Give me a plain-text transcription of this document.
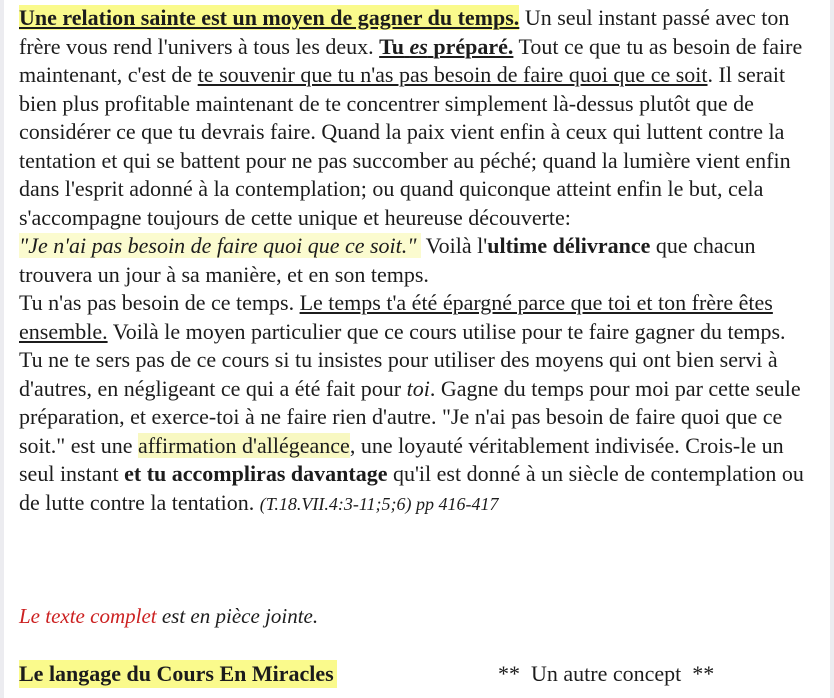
Une relation sainte est un moyen de gagner du temps. Un seul instant passé avec ton frère vous rend l'univers à tous les deux. Tu es préparé. Tout ce que tu as besoin de faire maintenant, c'est de te souvenir que tu n'as pas besoin de faire quoi que ce soit. Il serait bien plus profitable maintenant de te concentrer simplement là-dessus plutôt que de considérer ce que tu devrais faire. Quand la paix vient enfin à ceux qui luttent contre la tentation et qui se battent pour ne pas succomber au péché; quand la lumière vient enfin dans l'esprit adonné à la contemplation; ou quand quiconque atteint enfin le but, cela s'accompagne toujours de cette unique et heureuse découverte:

"Je n'ai pas besoin de faire quoi que ce soit." Voilà l'ultime délivrance que chacun trouvera un jour à sa manière, et en son temps.

Tu n'as pas besoin de ce temps. Le temps t'a été épargné parce que toi et ton frère êtes ensemble. Voilà le moyen particulier que ce cours utilise pour te faire gagner du temps. Tu ne te sers pas de ce cours si tu insistes pour utiliser des moyens qui ont bien servi à d'autres, en négligeant ce qui a été fait pour toi. Gagne du temps pour moi par cette seule préparation, et exerce-toi à ne faire rien d'autre. "Je n'ai pas besoin de faire quoi que ce soit." est une affirmation d'allégeance, une loyauté véritablement indivisée. Crois-le un seul instant et tu accompliras davantage qu'il est donné à un siècle de contemplation ou de lutte contre la tentation. (T.18.VII.4:3-11;5;6) pp 416-417

Le texte complet est en pièce jointe.
Le langage du Cours En Miracles	**  Un autre concept  **
